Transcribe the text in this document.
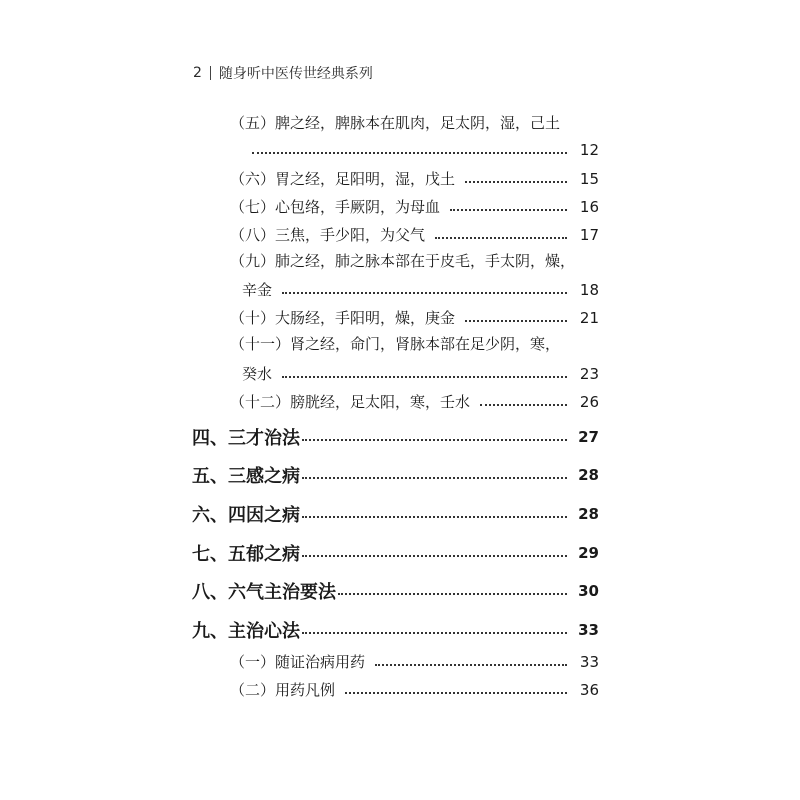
2 随身听中医传世经典系列
（五）脾之经，脾脉本在肌肉，足太阴，湿，己土
12
（六）胃之经，足阳明，湿，戊土	15
（七）心包络，手厥阴，为母血	16
（八）三焦，手少阳，为父气	17
（九）肺之经，肺之脉本部在于皮毛，手太阴，燥，
辛金	18
（十）大肠经，手阳明，燥，庚金	21
（十一）肾之经，命门，肾脉本部在足少阴，寒，
癸水	23
（十二）膀胱经，足太阳，寒，壬水	26
四、三才治法	27
五、三感之病	28
六、四因之病	28
七、五郁之病	29
八、六气主治要法	30
九、主治心法	33
（一）随证治病用药	33
（二）用药凡例	36
